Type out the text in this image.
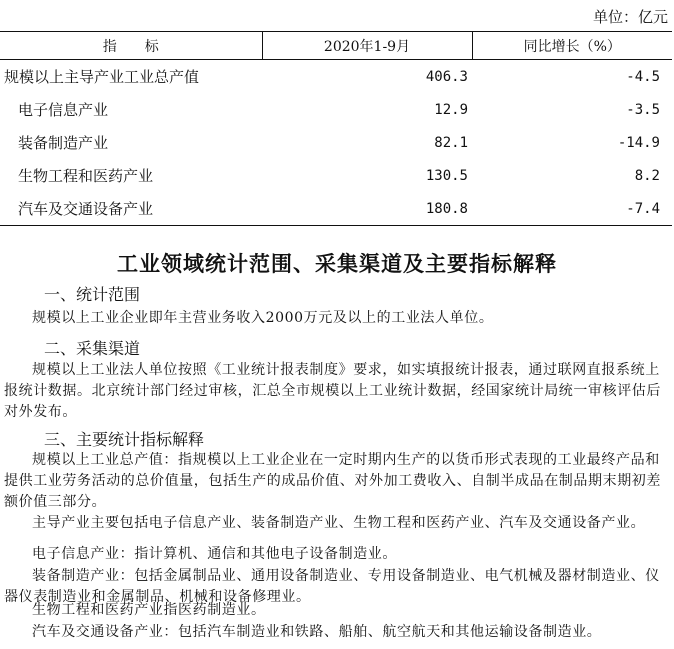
单位：亿元
指　　标	2020年1-9月	同比增长（%）
规模以上主导产业工业总产值	406.3	-4.5
电子信息产业	12.9	-3.5
装备制造产业	82.1	-14.9
生物工程和医药产业	130.5	8.2
汽车及交通设备产业	180.8	-7.4
工业领域统计范围、采集渠道及主要指标解释
一、统计范围

规模以上工业企业即年主营业务收入2000万元及以上的工业法人单位。

二、采集渠道

规模以上工业法人单位按照《工业统计报表制度》要求，如实填报统计报表，通过联网直报系统上报统计数据。北京统计部门经过审核，汇总全市规模以上工业统计数据，经国家统计局统一审核评估后对外发布。

三、主要统计指标解释

规模以上工业总产值：指规模以上工业企业在一定时期内生产的以货币形式表现的工业最终产品和提供工业劳务活动的总价值量，包括生产的成品价值、对外加工费收入、自制半成品在制品期末期初差额价值三部分。

主导产业主要包括电子信息产业、装备制造产业、生物工程和医药产业、汽车及交通设备产业。

电子信息产业：指计算机、通信和其他电子设备制造业。

装备制造产业：包括金属制品业、通用设备制造业、专用设备制造业、电气机械及器材制造业、仪器仪表制造业和金属制品、机械和设备修理业。

生物工程和医药产业指医药制造业。

汽车及交通设备产业：包括汽车制造业和铁路、船舶、航空航天和其他运输设备制造业。
